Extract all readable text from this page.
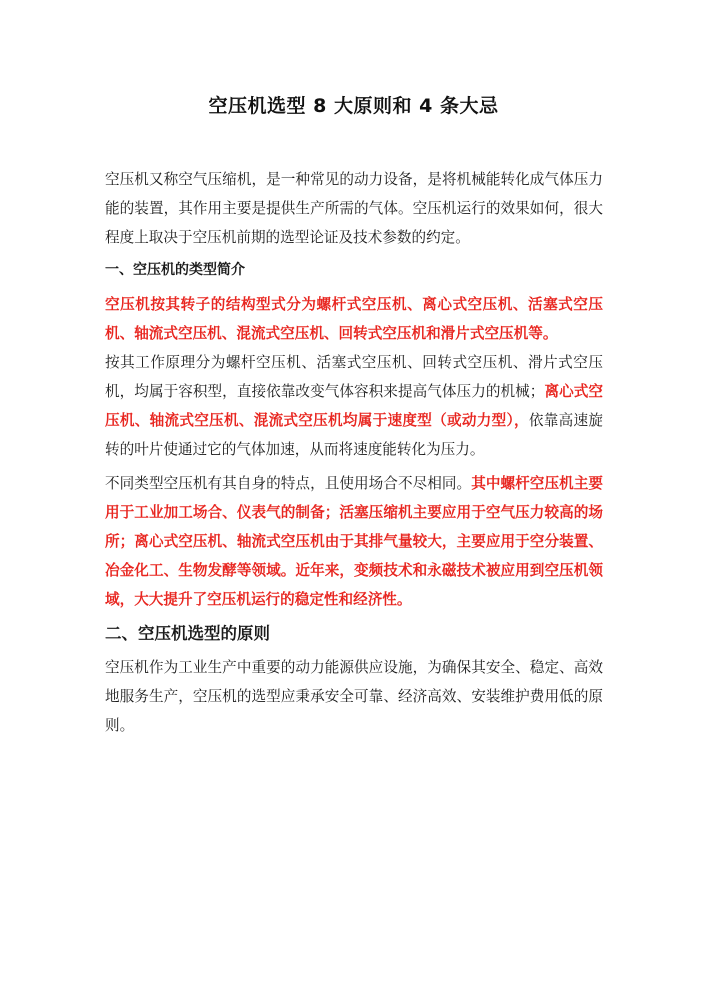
空压机选型 8 大原则和 4 条大忌

空压机又称空气压缩机，是一种常见的动力设备，是将机械能转化成气体压力能的装置，其作用主要是提供生产所需的气体。空压机运行的效果如何，很大程度上取决于空压机前期的选型论证及技术参数的约定。

一、空压机的类型简介

空压机按其转子的结构型式分为螺杆式空压机、离心式空压机、活塞式空压机、轴流式空压机、混流式空压机、回转式空压机和滑片式空压机等。

按其工作原理分为螺杆空压机、活塞式空压机、回转式空压机、滑片式空压机，均属于容积型，直接依靠改变气体容积来提高气体压力的机械；离心式空压机、轴流式空压机、混流式空压机均属于速度型（或动力型），依靠高速旋转的叶片使通过它的气体加速，从而将速度能转化为压力。

不同类型空压机有其自身的特点，且使用场合不尽相同。其中螺杆空压机主要用于工业加工场合、仪表气的制备；活塞压缩机主要应用于空气压力较高的场所；离心式空压机、轴流式空压机由于其排气量较大，主要应用于空分装置、冶金化工、生物发酵等领域。近年来，变频技术和永磁技术被应用到空压机领域，大大提升了空压机运行的稳定性和经济性。

二、空压机选型的原则

空压机作为工业生产中重要的动力能源供应设施，为确保其安全、稳定、高效地服务生产，空压机的选型应秉承安全可靠、经济高效、安装维护费用低的原则。
